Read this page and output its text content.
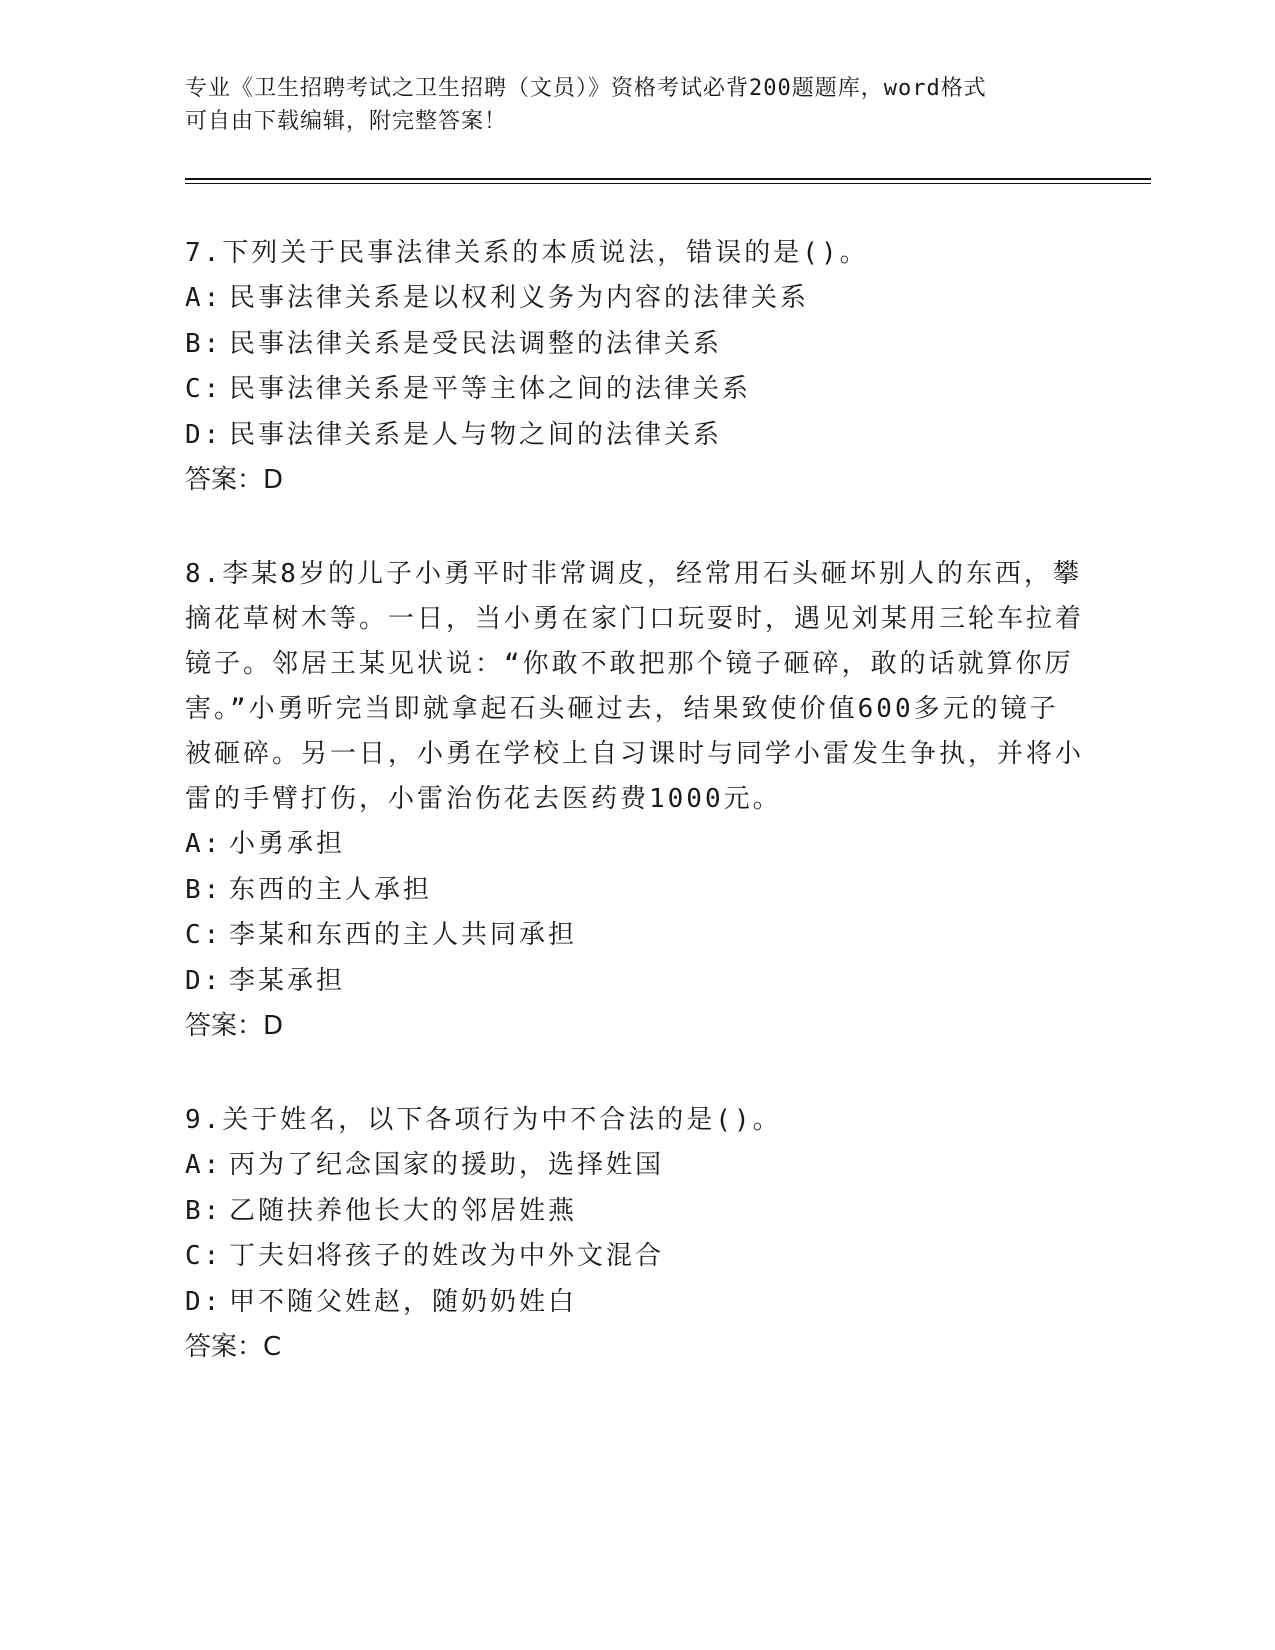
专业《卫生招聘考试之卫生招聘（文员）》资格考试必背200题题库，word格式
可自由下载编辑，附完整答案！

7.下列关于民事法律关系的本质说法，错误的是()。

A: 民事法律关系是以权利义务为内容的法律关系

B: 民事法律关系是受民法调整的法律关系

C: 民事法律关系是平等主体之间的法律关系

D: 民事法律关系是人与物之间的法律关系

答案：D

8.李某8岁的儿子小勇平时非常调皮，经常用石头砸坏别人的东西，攀摘花草树木等。一日，当小勇在家门口玩耍时，遇见刘某用三轮车拉着镜子。邻居王某见状说：“你敢不敢把那个镜子砸碎，敢的话就算你厉害。”小勇听完当即就拿起石头砸过去，结果致使价值600多元的镜子被砸碎。另一日，小勇在学校上自习课时与同学小雷发生争执，并将小雷的手臂打伤，小雷治伤花去医药费1000元。

A: 小勇承担

B: 东西的主人承担

C: 李某和东西的主人共同承担

D: 李某承担

答案：D

9.关于姓名，以下各项行为中不合法的是()。

A: 丙为了纪念国家的援助，选择姓国

B: 乙随扶养他长大的邻居姓燕

C: 丁夫妇将孩子的姓改为中外文混合

D: 甲不随父姓赵，随奶奶姓白

答案：C
